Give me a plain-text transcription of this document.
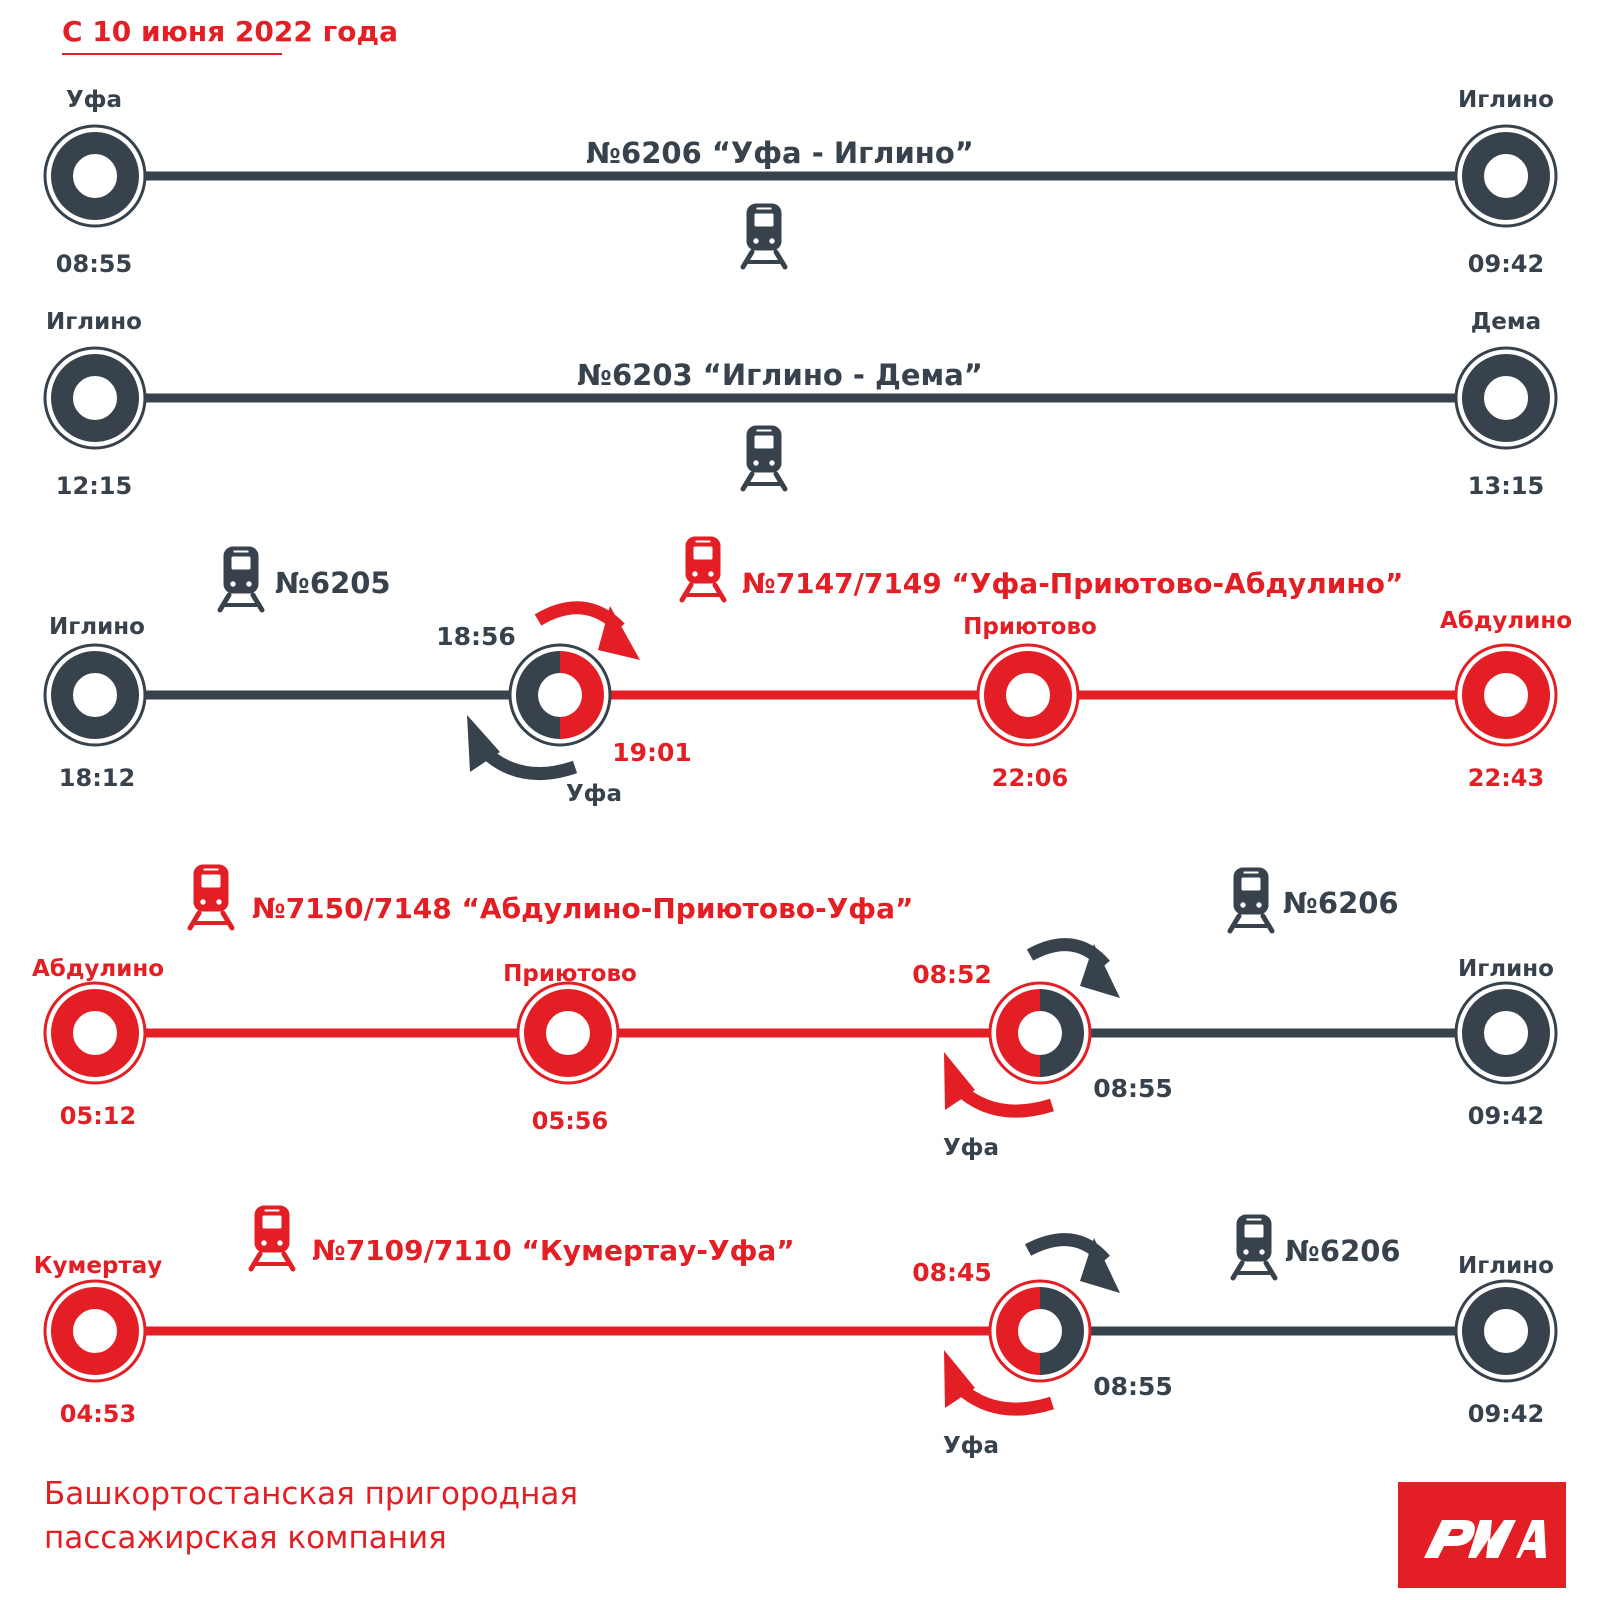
С 10 июня 2022 года
Уфа
08:55
Иглино
09:42
№6206 “Уфа - Иглино”
Иглино
12:15
Дема
13:15
№6203 “Иглино - Дема”
№6205	№7147/7149 “Уфа-Приютово-Абдулино”
Иглино
18:12
18:56
19:01
Уфа
Приютово
22:06
Абдулино
22:43
№7150/7148 “Абдулино-Приютово-Уфа”	№6206
Абдулино
05:12
Приютово
05:56
08:52
08:55
Уфа
Иглино
09:42
№7109/7110 “Кумертау-Уфа”	№6206
Кумертау
04:53
08:45
08:55
Уфа
Иглино
09:42
Башкортостанская пригородная
пассажирская компания
